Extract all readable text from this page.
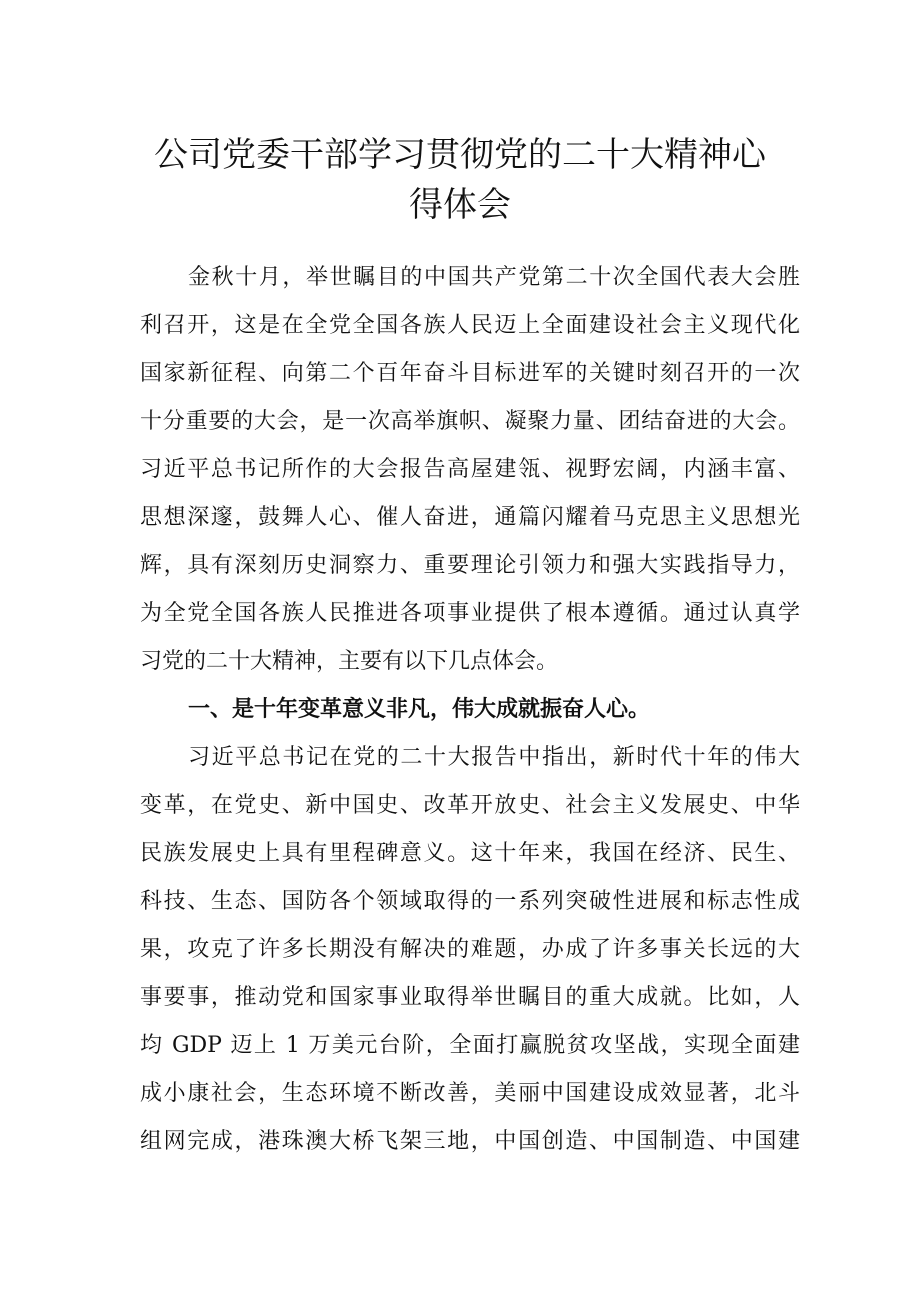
公司党委干部学习贯彻党的二十大精神心
得体会
金秋十月，举世瞩目的中国共产党第二十次全国代表大会胜
利召开，这是在全党全国各族人民迈上全面建设社会主义现代化
国家新征程、向第二个百年奋斗目标进军的关键时刻召开的一次
十分重要的大会，是一次高举旗帜、凝聚力量、团结奋进的大会。
习近平总书记所作的大会报告高屋建瓴、视野宏阔，内涵丰富、
思想深邃，鼓舞人心、催人奋进，通篇闪耀着马克思主义思想光
辉，具有深刻历史洞察力、重要理论引领力和强大实践指导力，
为全党全国各族人民推进各项事业提供了根本遵循。通过认真学
习党的二十大精神，主要有以下几点体会。
一、是十年变革意义非凡，伟大成就振奋人心。
习近平总书记在党的二十大报告中指出，新时代十年的伟大
变革，在党史、新中国史、改革开放史、社会主义发展史、中华
民族发展史上具有里程碑意义。这十年来，我国在经济、民生、
科技、生态、国防各个领域取得的一系列突破性进展和标志性成
果，攻克了许多长期没有解决的难题，办成了许多事关长远的大
事要事，推动党和国家事业取得举世瞩目的重大成就。比如，人
均 GDP 迈上 1 万美元台阶，全面打赢脱贫攻坚战，实现全面建
成小康社会，生态环境不断改善，美丽中国建设成效显著，北斗
组网完成，港珠澳大桥飞架三地，中国创造、中国制造、中国建
